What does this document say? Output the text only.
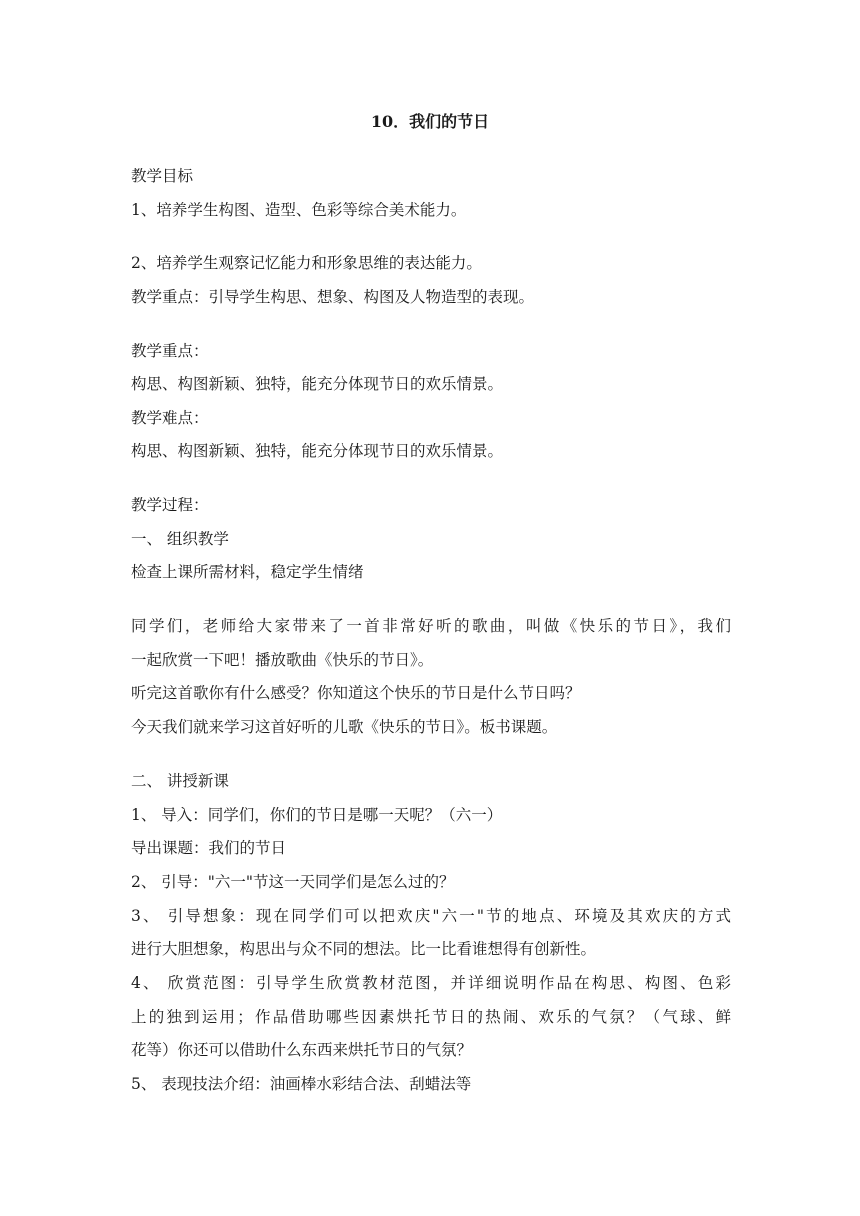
10．我们的节日
教学目标
1、培养学生构图、造型、色彩等综合美术能力。
2、培养学生观察记忆能力和形象思维的表达能力。
教学重点：引导学生构思、想象、构图及人物造型的表现。
教学重点：
构思、构图新颖、独特，能充分体现节日的欢乐情景。
教学难点：
构思、构图新颖、独特，能充分体现节日的欢乐情景。
教学过程：
一、 组织教学
检查上课所需材料，稳定学生情绪
同学们，老师给大家带来了一首非常好听的歌曲，叫做《快乐的节日》，我们
一起欣赏一下吧！播放歌曲《快乐的节日》。
听完这首歌你有什么感受？你知道这个快乐的节日是什么节日吗？
今天我们就来学习这首好听的儿歌《快乐的节日》。板书课题。
二、 讲授新课
1、 导入：同学们，你们的节日是哪一天呢？（六一）
导出课题：我们的节日
2、 引导："六一"节这一天同学们是怎么过的？
3、 引导想象：现在同学们可以把欢庆"六一"节的地点、环境及其欢庆的方式
进行大胆想象，构思出与众不同的想法。比一比看谁想得有创新性。
4、 欣赏范图：引导学生欣赏教材范图，并详细说明作品在构思、构图、色彩
上的独到运用；作品借助哪些因素烘托节日的热闹、欢乐的气氛？（气球、鲜
花等）你还可以借助什么东西来烘托节日的气氛？
5、 表现技法介绍：油画棒水彩结合法、刮蜡法等
